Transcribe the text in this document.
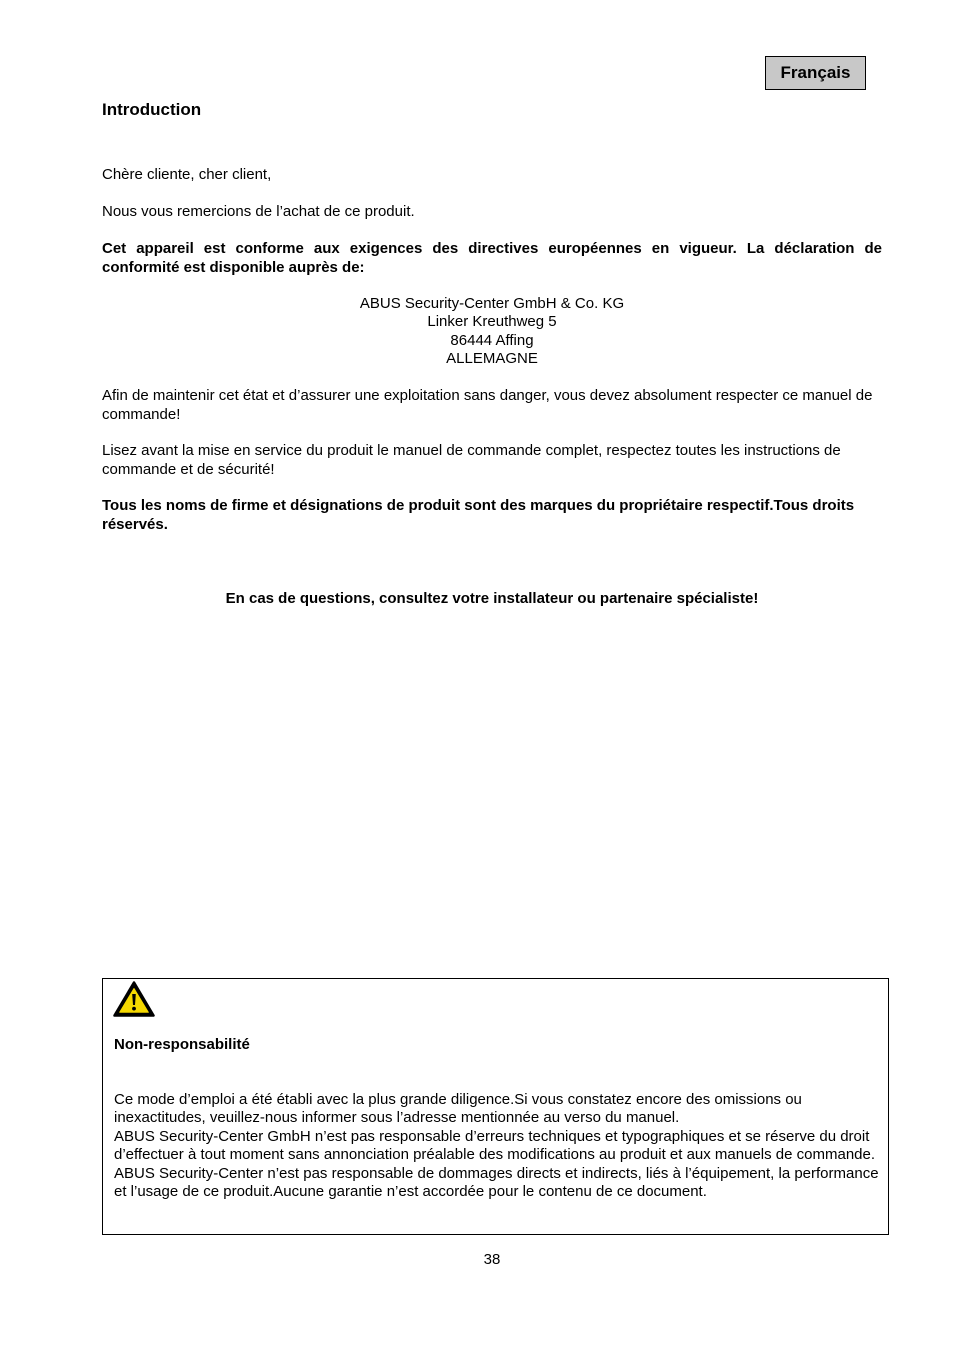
Français
Introduction

Chère cliente, cher client,

Nous vous remercions de l’achat de ce produit.

Cet appareil est conforme aux exigences des directives européennes en vigueur. La déclaration de conformité est disponible auprès de:

ABUS Security-Center GmbH & Co. KG
Linker Kreuthweg 5
86444 Affing
ALLEMAGNE

Afin de maintenir cet état et d’assurer une exploitation sans danger, vous devez absolument respecter ce manuel de commande!

Lisez avant la mise en service du produit le manuel de commande complet, respectez toutes les instructions de commande et de sécurité!

Tous les noms de firme et désignations de produit sont des marques du propriétaire respectif.Tous droits réservés.

En cas de questions, consultez votre installateur ou partenaire spécialiste!

Non-responsabilité

Ce mode d’emploi a été établi avec la plus grande diligence.Si vous constatez encore des omissions ou inexactitudes, veuillez-nous informer sous l’adresse mentionnée au verso du manuel.
ABUS Security-Center GmbH n’est pas responsable d’erreurs techniques et typographiques et se réserve du droit d’effectuer à tout moment sans annonciation préalable des modifications au produit et aux manuels de commande.
ABUS Security-Center n’est pas responsable de dommages directs et indirects, liés à l’équipement, la performance et l’usage de ce produit.Aucune garantie n’est accordée pour le contenu de ce document.
38
